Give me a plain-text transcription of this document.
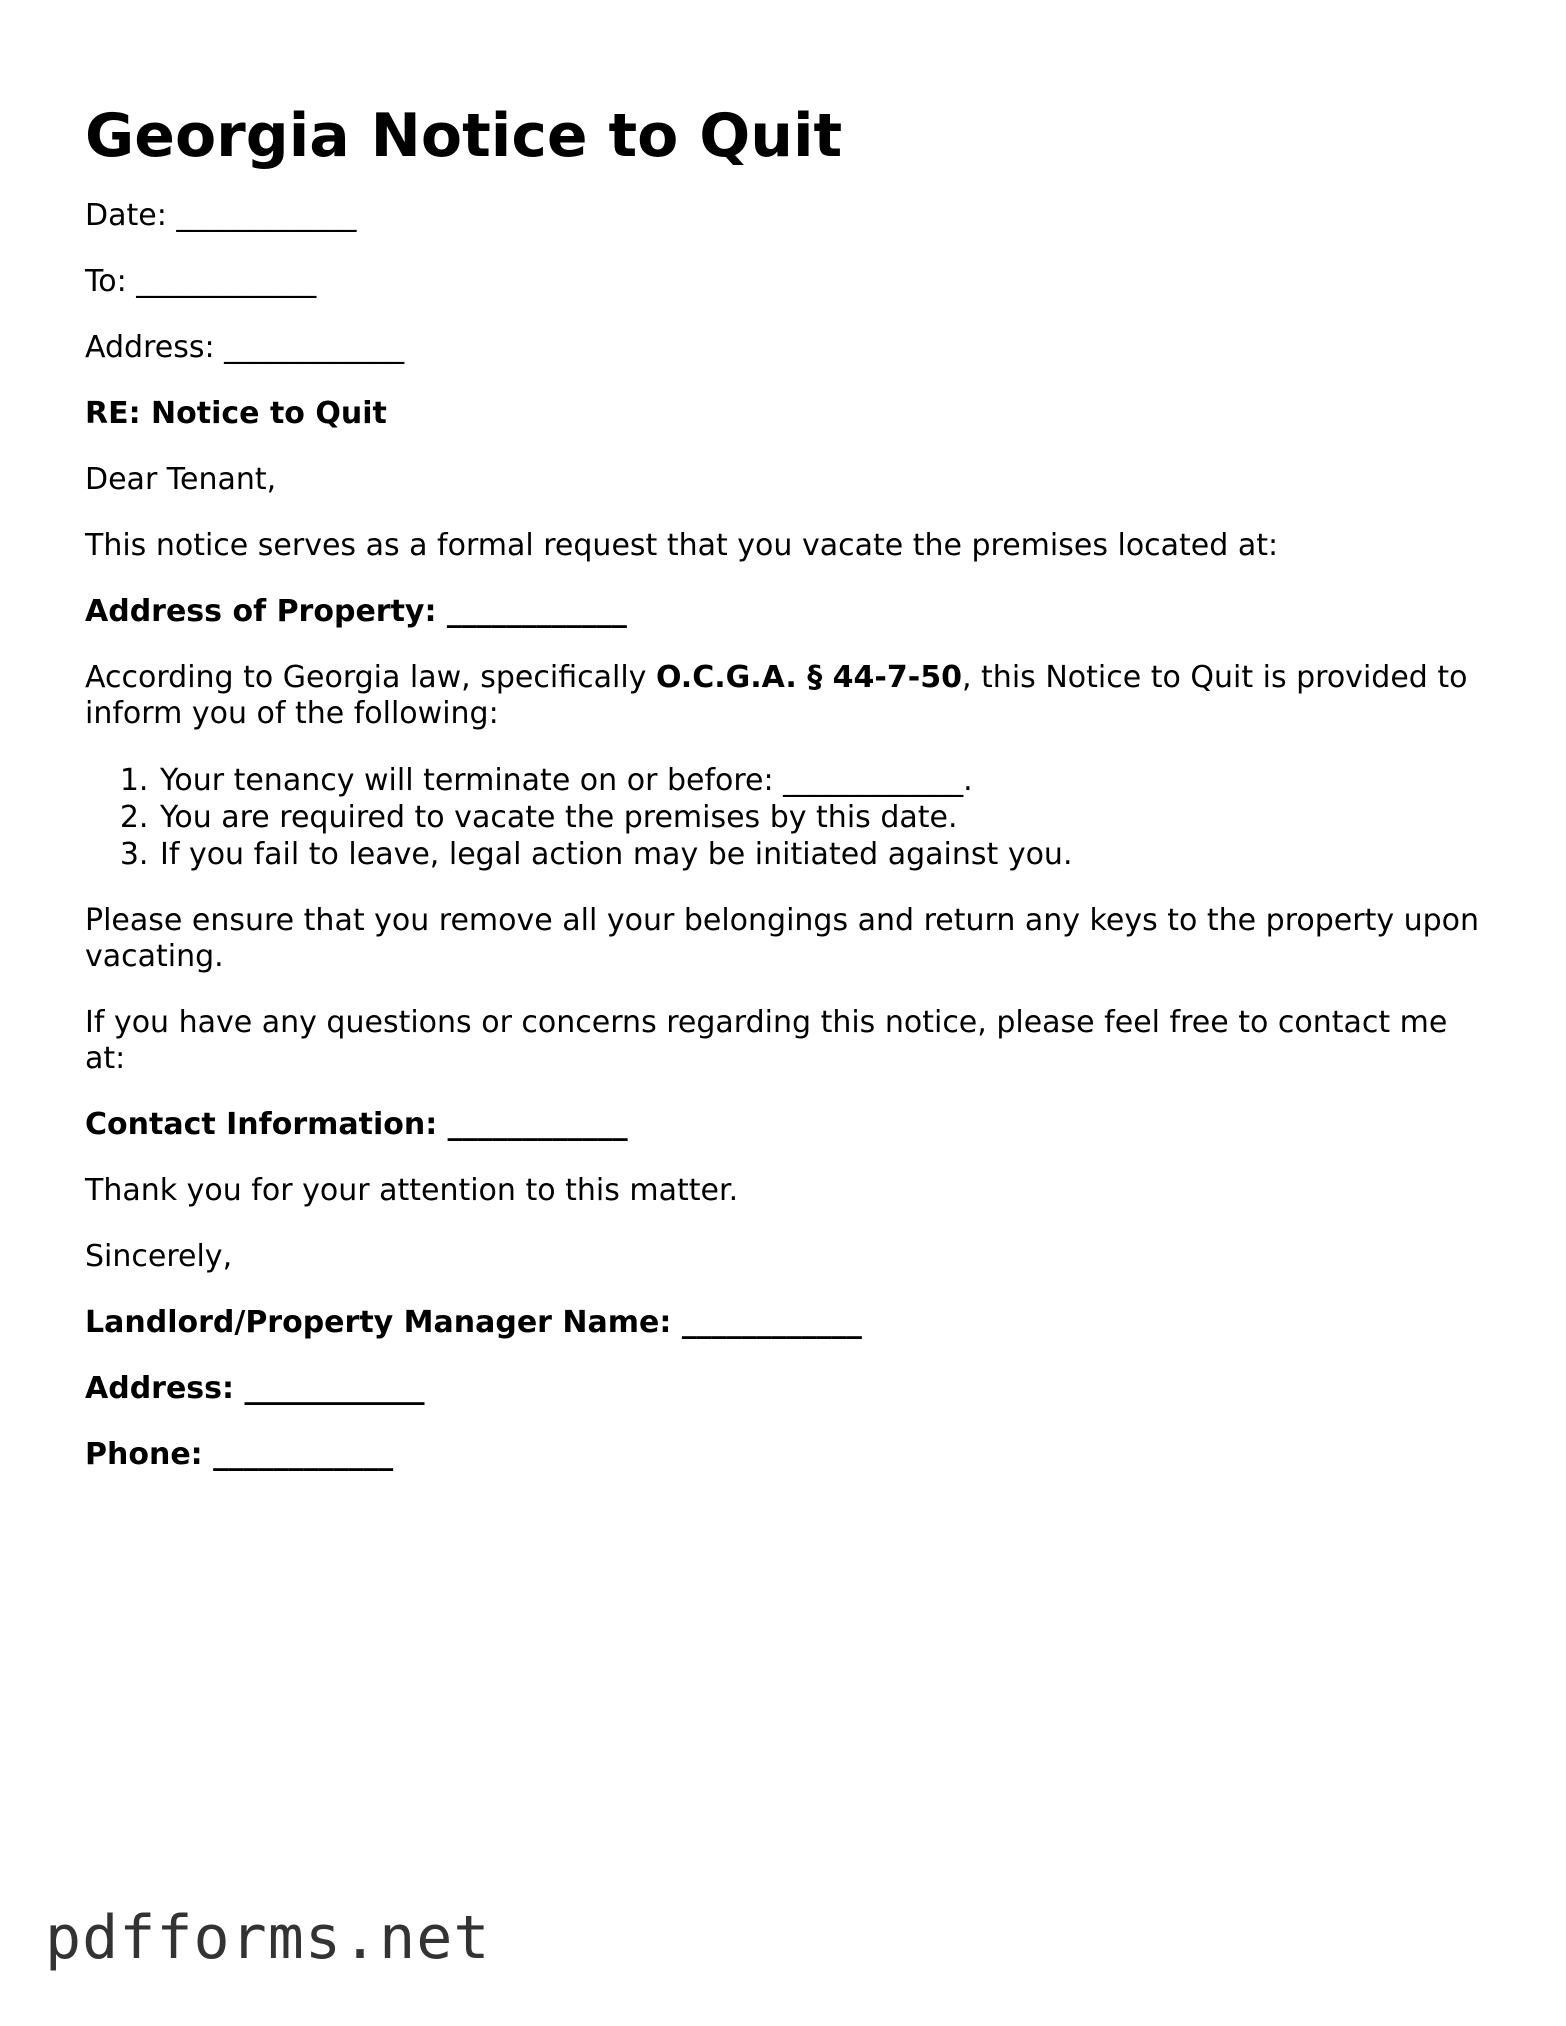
Georgia Notice to Quit

Date: ____________

To: ____________

Address: ____________

RE: Notice to Quit

Dear Tenant,

This notice serves as a formal request that you vacate the premises located at:

Address of Property: ____________

According to Georgia law, specifically O.C.G.A. § 44-7-50, this Notice to Quit is provided to inform you of the following:

1. Your tenancy will terminate on or before: ____________.
2. You are required to vacate the premises by this date.
3. If you fail to leave, legal action may be initiated against you.

Please ensure that you remove all your belongings and return any keys to the property upon vacating.

If you have any questions or concerns regarding this notice, please feel free to contact me at:

Contact Information: ____________

Thank you for your attention to this matter.

Sincerely,

Landlord/Property Manager Name: ____________

Address: ____________

Phone: ____________

pdfforms.net
